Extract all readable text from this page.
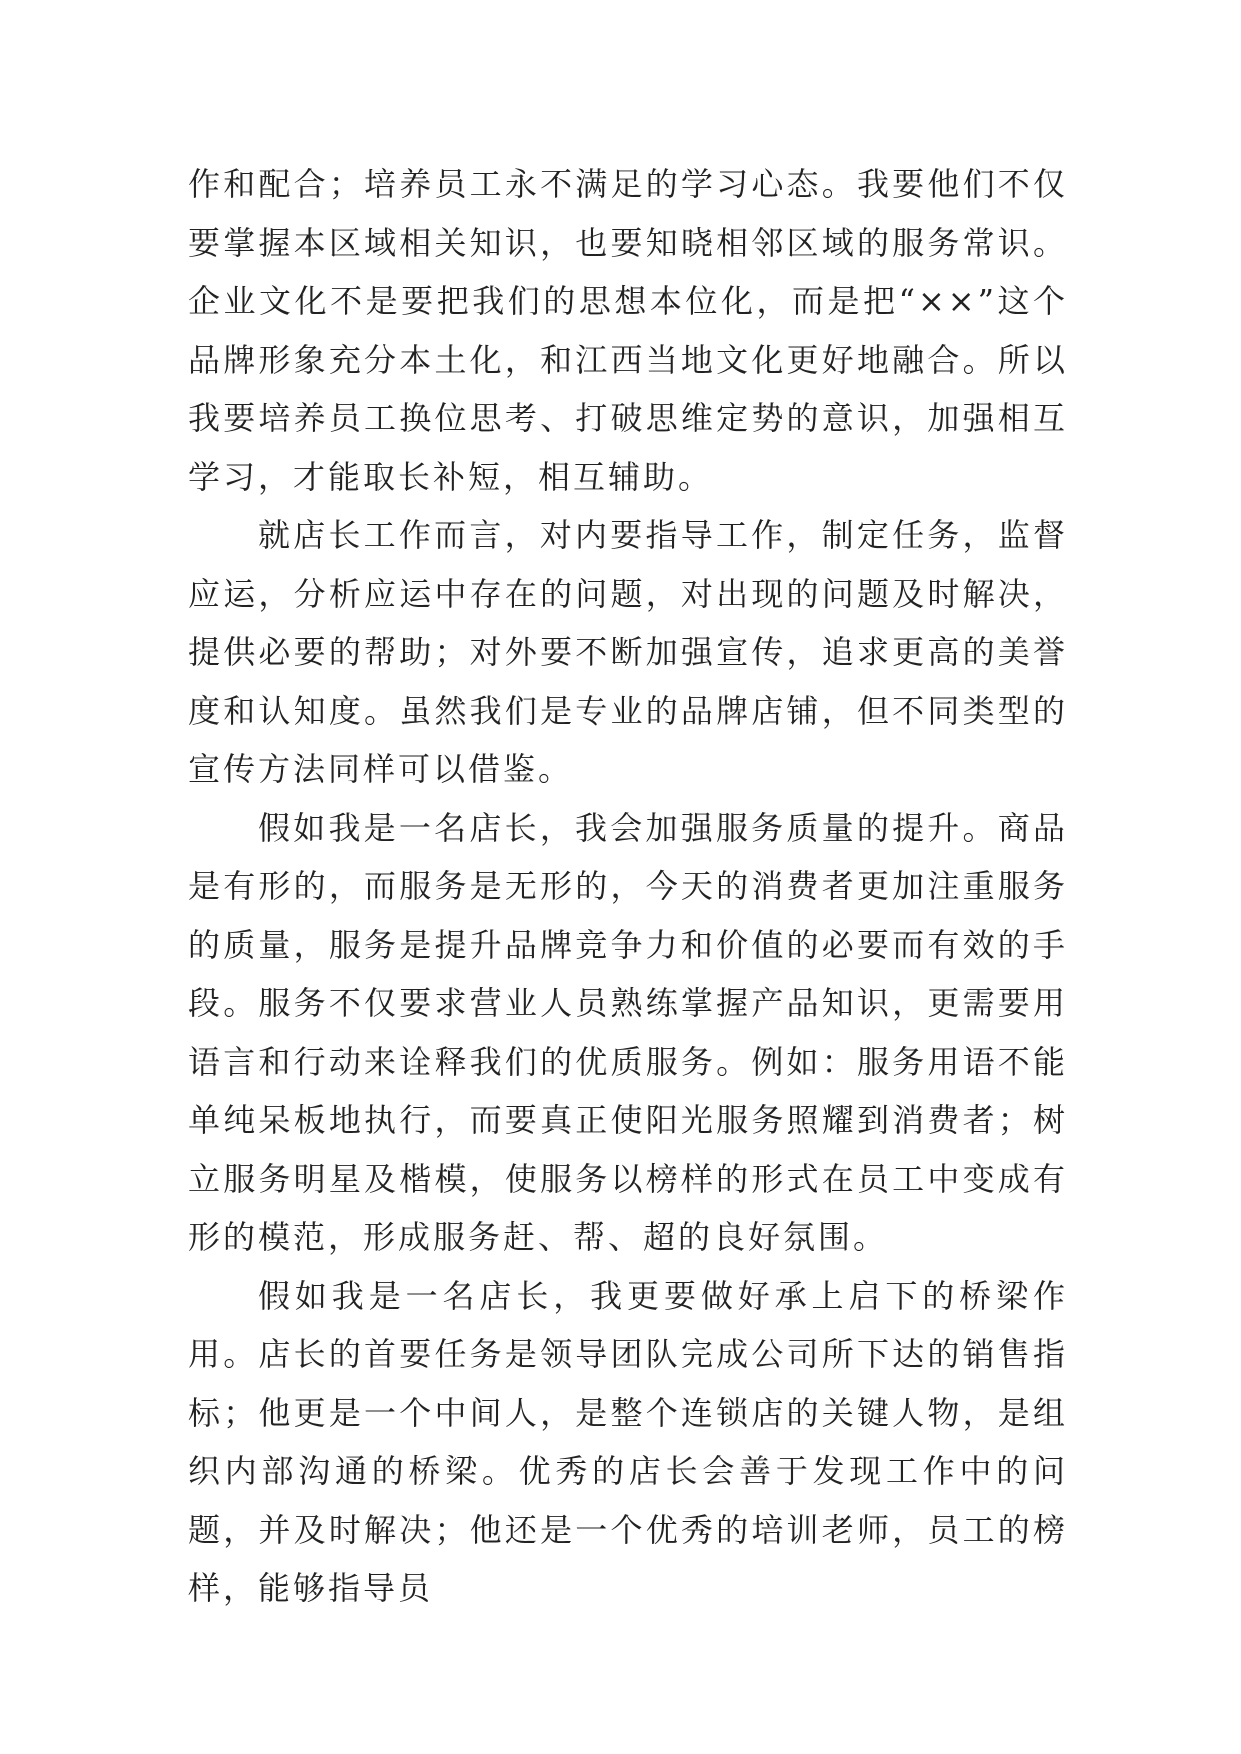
作和配合；培养员工永不满足的学习心态。我要他们不仅要掌握本区域相关知识，也要知晓相邻区域的服务常识。企业文化不是要把我们的思想本位化，而是把“××”这个品牌形象充分本土化，和江西当地文化更好地融合。所以我要培养员工换位思考、打破思维定势的意识，加强相互学习，才能取长补短，相互辅助。

就店长工作而言，对内要指导工作，制定任务，监督应运，分析应运中存在的问题，对出现的问题及时解决，提供必要的帮助；对外要不断加强宣传，追求更高的美誉度和认知度。虽然我们是专业的品牌店铺，但不同类型的宣传方法同样可以借鉴。

假如我是一名店长，我会加强服务质量的提升。商品是有形的，而服务是无形的，今天的消费者更加注重服务的质量，服务是提升品牌竞争力和价值的必要而有效的手段。服务不仅要求营业人员熟练掌握产品知识，更需要用语言和行动来诠释我们的优质服务。例如：服务用语不能单纯呆板地执行，而要真正使阳光服务照耀到消费者；树立服务明星及楷模，使服务以榜样的形式在员工中变成有形的模范，形成服务赶、帮、超的良好氛围。

假如我是一名店长，我更要做好承上启下的桥梁作用。店长的首要任务是领导团队完成公司所下达的销售指标；他更是一个中间人，是整个连锁店的关键人物，是组织内部沟通的桥梁。优秀的店长会善于发现工作中的问题，并及时解决；他还是一个优秀的培训老师，员工的榜样，能够指导员
